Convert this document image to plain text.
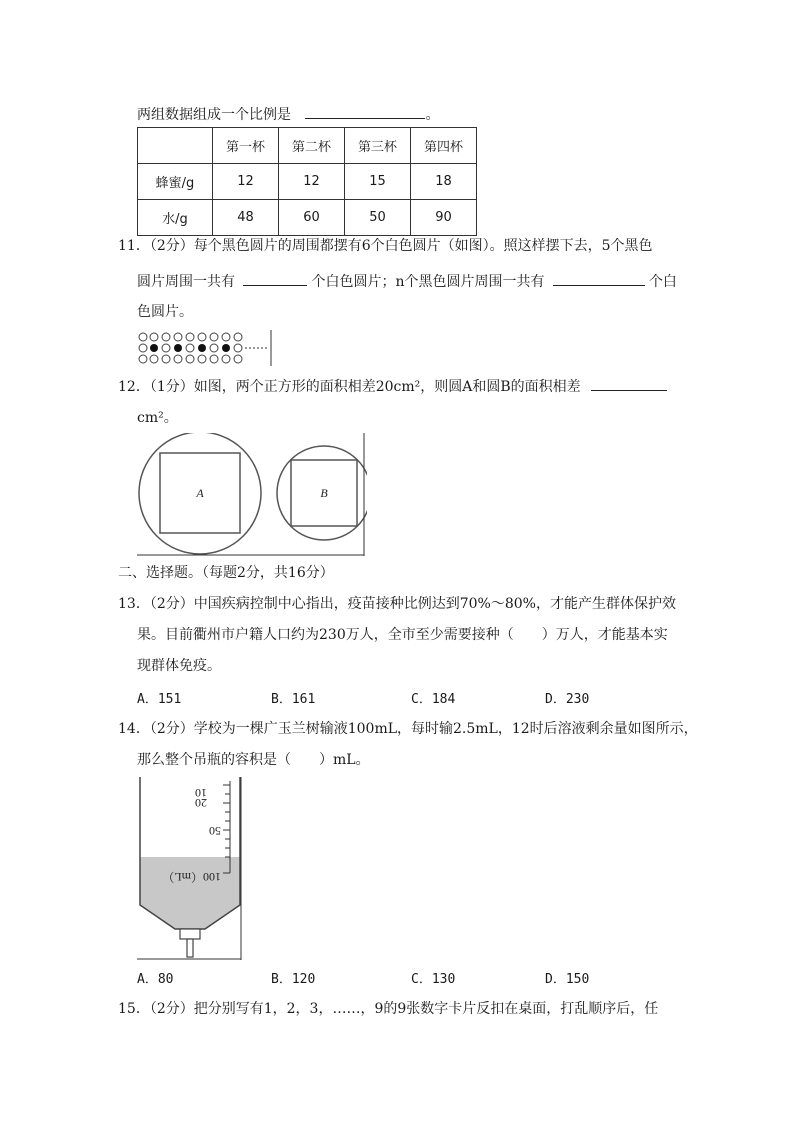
两组数据组成一个比例是	。
	第一杯	第二杯	第三杯	第四杯
蜂蜜/g	12	12	15	18
水/g	48	60	50	90
11．（2分）每个黑色圆片的周围都摆有6个白色圆片（如图）。照这样摆下去，5个黑色
圆片周围一共有	个白色圆片；n个黑色圆片周围一共有	个白
色圆片。
12．（1分）如图，两个正方形的面积相差20cm²，则圆A和圆B的面积相差
cm²。
A	B
二、选择题。（每题2分，共16分）
13．（2分）中国疾病控制中心指出，疫苗接种比例达到70%～80%，才能产生群体保护效
果。目前衢州市户籍人口约为230万人，全市至少需要接种（　　）万人，才能基本实
现群体免疫。
A．151	B．161	C．184	D．230
14．（2分）学校为一棵广玉兰树输液100mL，每时输2.5mL，12时后溶液剩余量如图所示，
那么整个吊瓶的容积是（　　）mL。
10
20
50
100（mL）
A．80	B．120	C．130	D．150
15．（2分）把分别写有1，2，3，……，9的9张数字卡片反扣在桌面，打乱顺序后，任
